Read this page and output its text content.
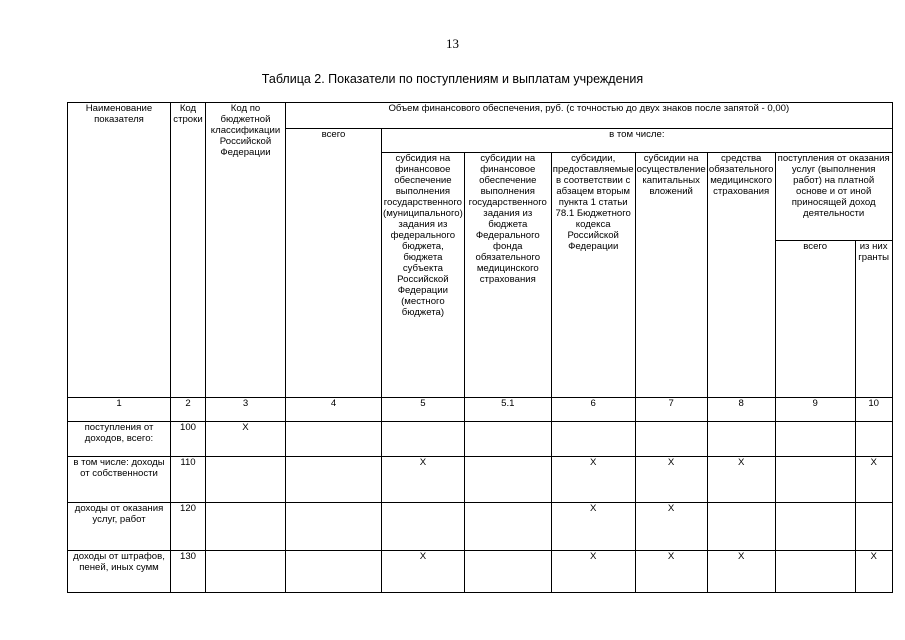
13
Таблица 2. Показатели по поступлениям и выплатам учреждения
Наименование показателя	Код строки	Код по бюджетной классификации Российской Федерации	Объем финансового обеспечения, руб. (с точностью до двух знаков после запятой - 0,00)							
			всего	в том числе:						
				субсидия на финансовое обеспечение выполнения государственного (муниципального) задания из федерального бюджета, бюджета субъекта Российской Федерации (местного бюджета)	субсидии на финансовое обеспечение выполнения государственного задания из бюджета Федерального фонда обязательного медицинского страхования	субсидии, предоставляемые в соответствии с абзацем вторым пункта 1 статьи 78.1 Бюджетного кодекса Российской Федерации	субсидии на осуществление капитальных вложений	средства обязательного медицинского страхования	поступления от оказания услуг (выполнения работ) на платной основе и от иной приносящей доход деятельности	
									всего	из них гранты
1	2	3	4	5	5.1	6	7	8	9	10
поступления от доходов, всего:	100	X								
в том числе: доходы от собственности	110			X		X	X	X		X
доходы от оказания услуг, работ	120					X	X			
доходы от штрафов, пеней, иных сумм	130			X		X	X	X		X
